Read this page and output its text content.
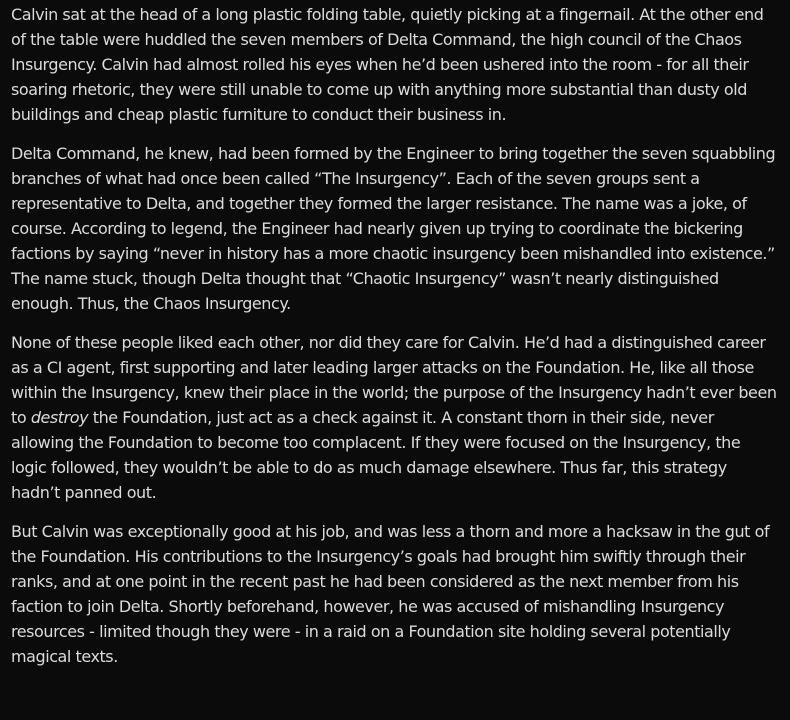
Calvin sat at the head of a long plastic folding table, quietly picking at a fingernail. At the other end of the table were huddled the seven members of Delta Command, the high council of the Chaos Insurgency. Calvin had almost rolled his eyes when he’d been ushered into the room - for all their soaring rhetoric, they were still unable to come up with anything more substantial than dusty old buildings and cheap plastic furniture to conduct their business in.

Delta Command, he knew, had been formed by the Engineer to bring together the seven squabbling branches of what had once been called “The Insurgency”. Each of the seven groups sent a representative to Delta, and together they formed the larger resistance. The name was a joke, of course. According to legend, the Engineer had nearly given up trying to coordinate the bickering factions by saying “never in history has a more chaotic insurgency been mishandled into existence.” The name stuck, though Delta thought that “Chaotic Insurgency” wasn’t nearly distinguished enough. Thus, the Chaos Insurgency.

None of these people liked each other, nor did they care for Calvin. He’d had a distinguished career as a CI agent, first supporting and later leading larger attacks on the Foundation. He, like all those within the Insurgency, knew their place in the world; the purpose of the Insurgency hadn’t ever been to destroy the Foundation, just act as a check against it. A constant thorn in their side, never allowing the Foundation to become too complacent. If they were focused on the Insurgency, the logic followed, they wouldn’t be able to do as much damage elsewhere. Thus far, this strategy hadn’t panned out.

But Calvin was exceptionally good at his job, and was less a thorn and more a hacksaw in the gut of the Foundation. His contributions to the Insurgency’s goals had brought him swiftly through their ranks, and at one point in the recent past he had been considered as the next member from his faction to join Delta. Shortly beforehand, however, he was accused of mishandling Insurgency resources - limited though they were - in a raid on a Foundation site holding several potentially magical texts.
